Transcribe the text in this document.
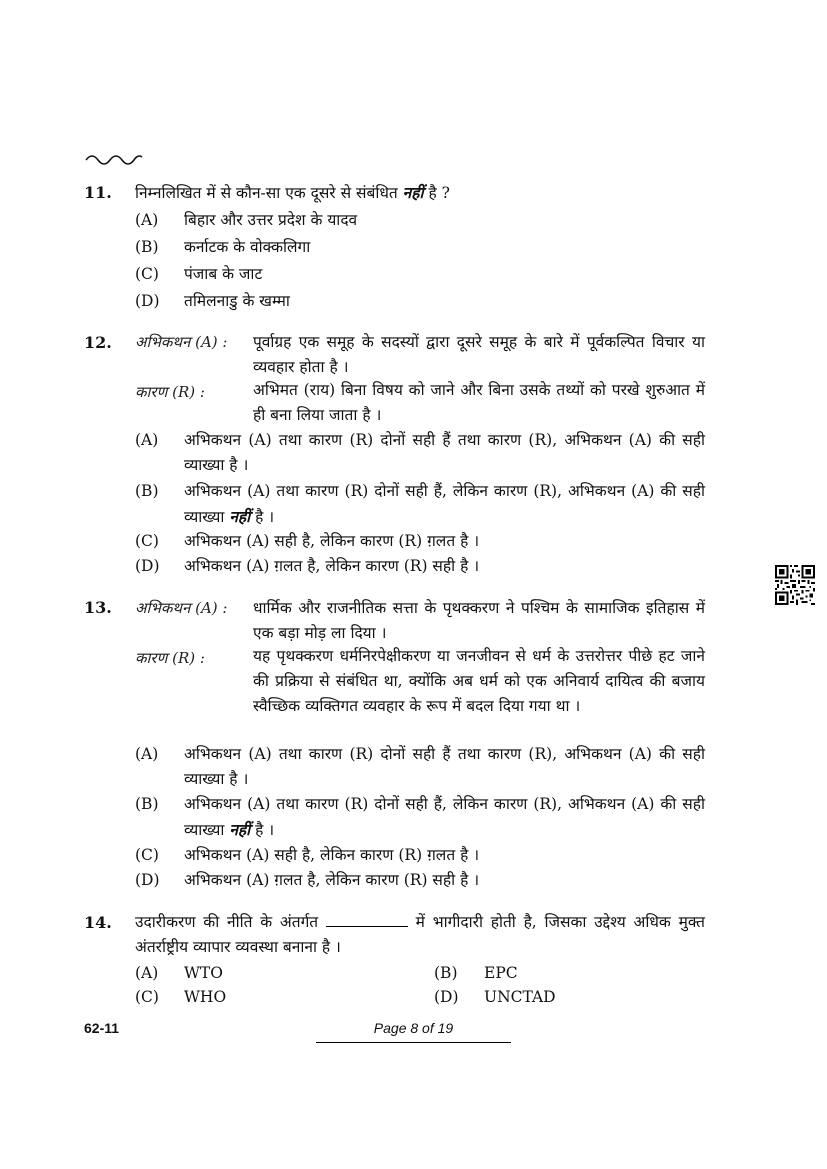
11. निम्नलिखित में से कौन-सा एक दूसरे से संबंधित नहीं है ?
(A) बिहार और उत्तर प्रदेश के यादव
(B) कर्नाटक के वोक्कलिगा
(C) पंजाब के जाट
(D) तमिलनाडु के खम्मा
12. अभिकथन (A) : पूर्वाग्रह एक समूह के सदस्यों द्वारा दूसरे समूह के बारे में पूर्वकल्पित विचार या व्यवहार होता है ।
कारण (R) :	अभिमत (राय) बिना विषय को जाने और बिना उसके तथ्यों को परखे शुरुआत में ही बना लिया जाता है ।
(A) अभिकथन (A) तथा कारण (R) दोनों सही हैं तथा कारण (R), अभिकथन (A) की सही व्याख्या है ।
(B) अभिकथन (A) तथा कारण (R) दोनों सही हैं, लेकिन कारण (R), अभिकथन (A) की सही व्याख्या नहीं है ।
(C) अभिकथन (A) सही है, लेकिन कारण (R) ग़लत है ।
(D) अभिकथन (A) ग़लत है, लेकिन कारण (R) सही है ।
13. अभिकथन (A) : धार्मिक और राजनीतिक सत्ता के पृथक्करण ने पश्चिम के सामाजिक इतिहास में एक बड़ा मोड़ ला दिया ।
कारण (R) :	यह पृथक्करण धर्मनिरपेक्षीकरण या जनजीवन से धर्म के उत्तरोत्तर पीछे हट जाने की प्रक्रिया से संबंधित था, क्योंकि अब धर्म को एक अनिवार्य दायित्व की बजाय स्वैच्छिक व्यक्तिगत व्यवहार के रूप में बदल दिया गया था ।
(A) अभिकथन (A) तथा कारण (R) दोनों सही हैं तथा कारण (R), अभिकथन (A) की सही व्याख्या है ।
(B) अभिकथन (A) तथा कारण (R) दोनों सही हैं, लेकिन कारण (R), अभिकथन (A) की सही व्याख्या नहीं है ।
(C) अभिकथन (A) सही है, लेकिन कारण (R) ग़लत है ।
(D) अभिकथन (A) ग़लत है, लेकिन कारण (R) सही है ।
14. उदारीकरण की नीति के अंतर्गत	में भागीदारी होती है, जिसका उद्देश्य अधिक मुक्त अंतर्राष्ट्रीय व्यापार व्यवस्था बनाना है ।
(A) WTO	(B) EPC
(C) WHO	(D) UNCTAD
62-11	Page 8 of 19
